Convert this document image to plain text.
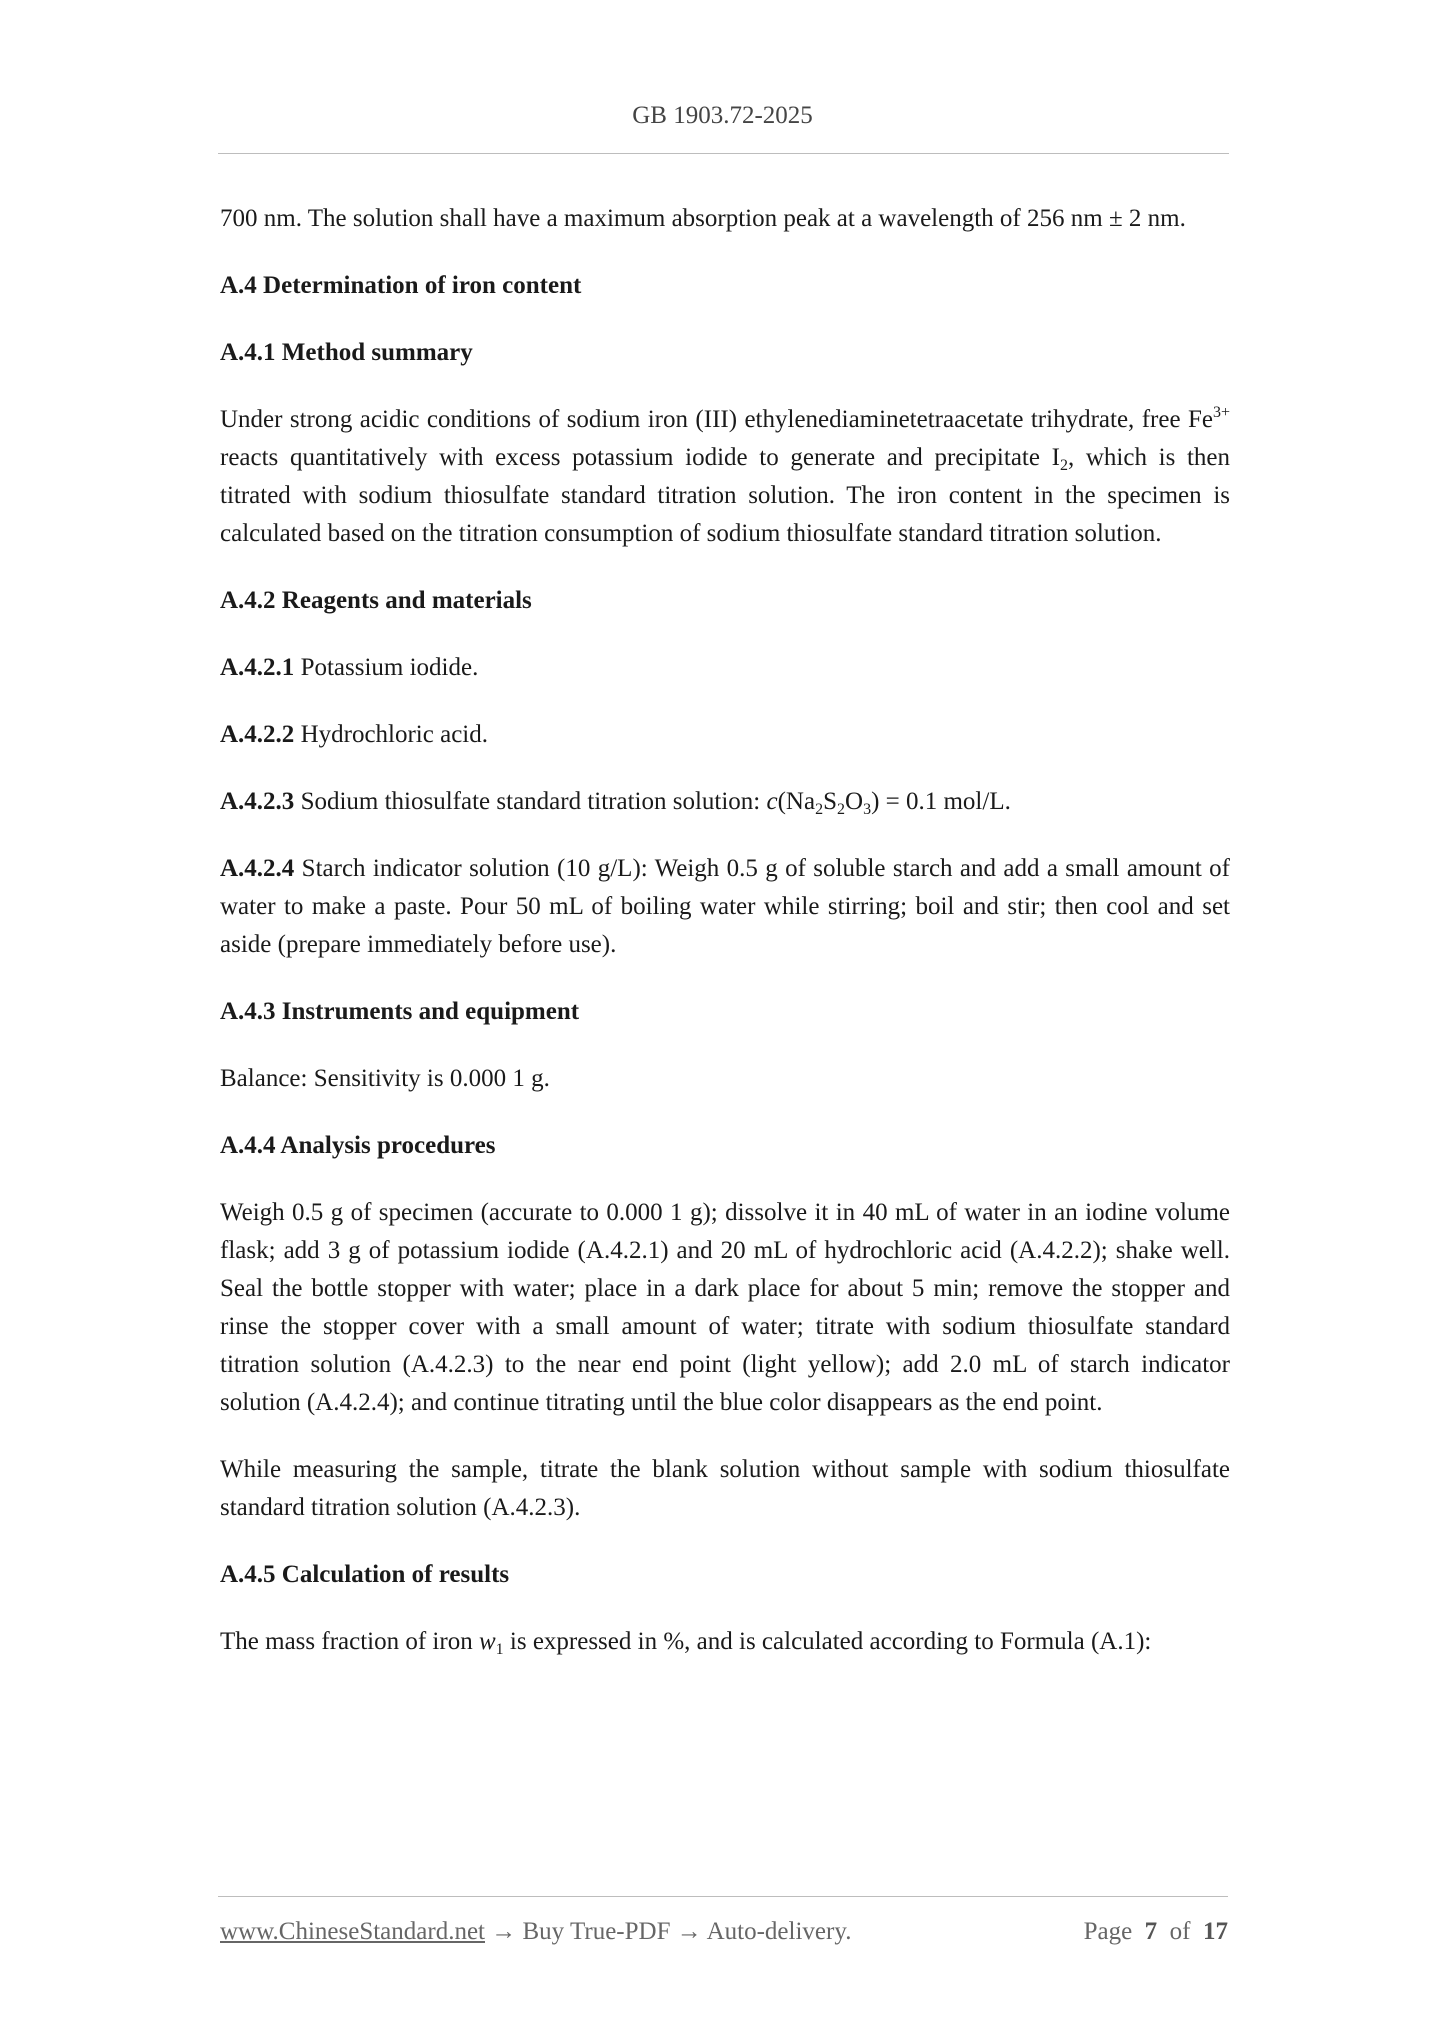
GB 1903.72-2025

700 nm. The solution shall have a maximum absorption peak at a wavelength of 256 nm ± 2 nm.

A.4 Determination of iron content
A.4.1 Method summary

Under strong acidic conditions of sodium iron (III) ethylenediaminetetraacetate trihydrate, free $Fe^{3+}$ reacts quantitatively with excess potassium iodide to generate and precipitate $I_2$, which is then titrated with sodium thiosulfate standard titration solution. The iron content in the specimen is calculated based on the titration consumption of sodium thiosulfate standard titration solution.

A.4.2 Reagents and materials

A.4.2.1 Potassium iodide.

A.4.2.2 Hydrochloric acid.

A.4.2.3 Sodium thiosulfate standard titration solution: $c(Na_2S_2O_3) = 0.1$ mol/L.

A.4.2.4 Starch indicator solution (10 g/L): Weigh 0.5 g of soluble starch and add a small amount of water to make a paste. Pour 50 mL of boiling water while stirring; boil and stir; then cool and set aside (prepare immediately before use).

A.4.3 Instruments and equipment

Balance: Sensitivity is 0.000 1 g.

A.4.4 Analysis procedures

Weigh 0.5 g of specimen (accurate to 0.000 1 g); dissolve it in 40 mL of water in an iodine volume flask; add 3 g of potassium iodide (A.4.2.1) and 20 mL of hydrochloric acid (A.4.2.2); shake well. Seal the bottle stopper with water; place in a dark place for about 5 min; remove the stopper and rinse the stopper cover with a small amount of water; titrate with sodium thiosulfate standard titration solution (A.4.2.3) to the near end point (light yellow); add 2.0 mL of starch indicator solution (A.4.2.4); and continue titrating until the blue color disappears as the end point.

While measuring the sample, titrate the blank solution without sample with sodium thiosulfate standard titration solution (A.4.2.3).

A.4.5 Calculation of results

The mass fraction of iron $w_1$ is expressed in %, and is calculated according to Formula (A.1):

www.ChineseStandard.net → Buy True-PDF → Auto-delivery.	Page 7 of 17
